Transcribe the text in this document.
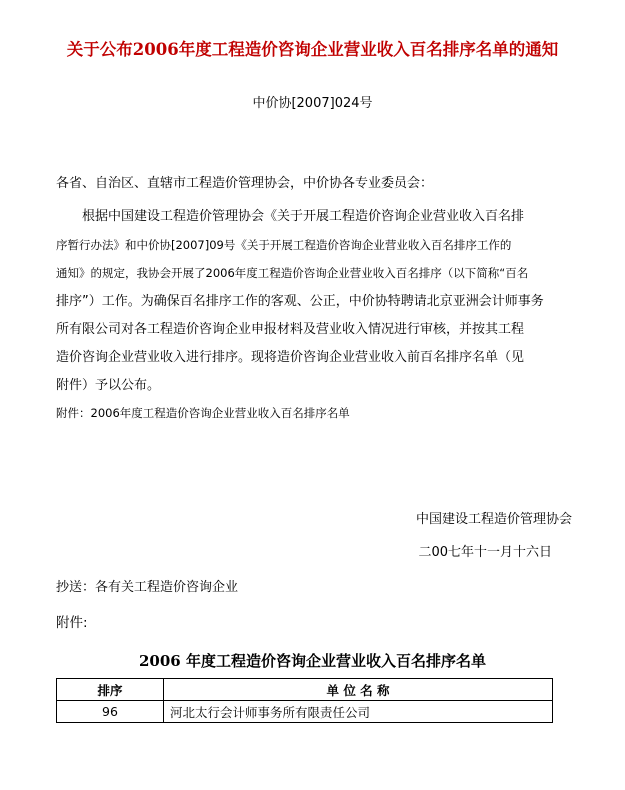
关于公布2006年度工程造价咨询企业营业收入百名排序名单的通知
中价协[2007]024号
各省、自治区、直辖市工程造价管理协会，中价协各专业委员会：
根据中国建设工程造价管理协会《关于开展工程造价咨询企业营业收入百名排
序暂行办法》和中价协[2007]09号《关于开展工程造价咨询企业营业收入百名排序工作的
通知》的规定，我协会开展了2006年度工程造价咨询企业营业收入百名排序（以下简称“百名
排序”）工作。为确保百名排序工作的客观、公正，中价协特聘请北京亚洲会计师事务
所有限公司对各工程造价咨询企业申报材料及营业收入情况进行审核，并按其工程
造价咨询企业营业收入进行排序。现将造价咨询企业营业收入前百名排序名单（见
附件）予以公布。
附件：2006年度工程造价咨询企业营业收入百名排序名单
中国建设工程造价管理协会
二00七年十一月十六日
抄送：各有关工程造价咨询企业
附件:
2006 年度工程造价咨询企业营业收入百名排序名单
排序	单 位 名 称
96	河北太行会计师事务所有限责任公司
